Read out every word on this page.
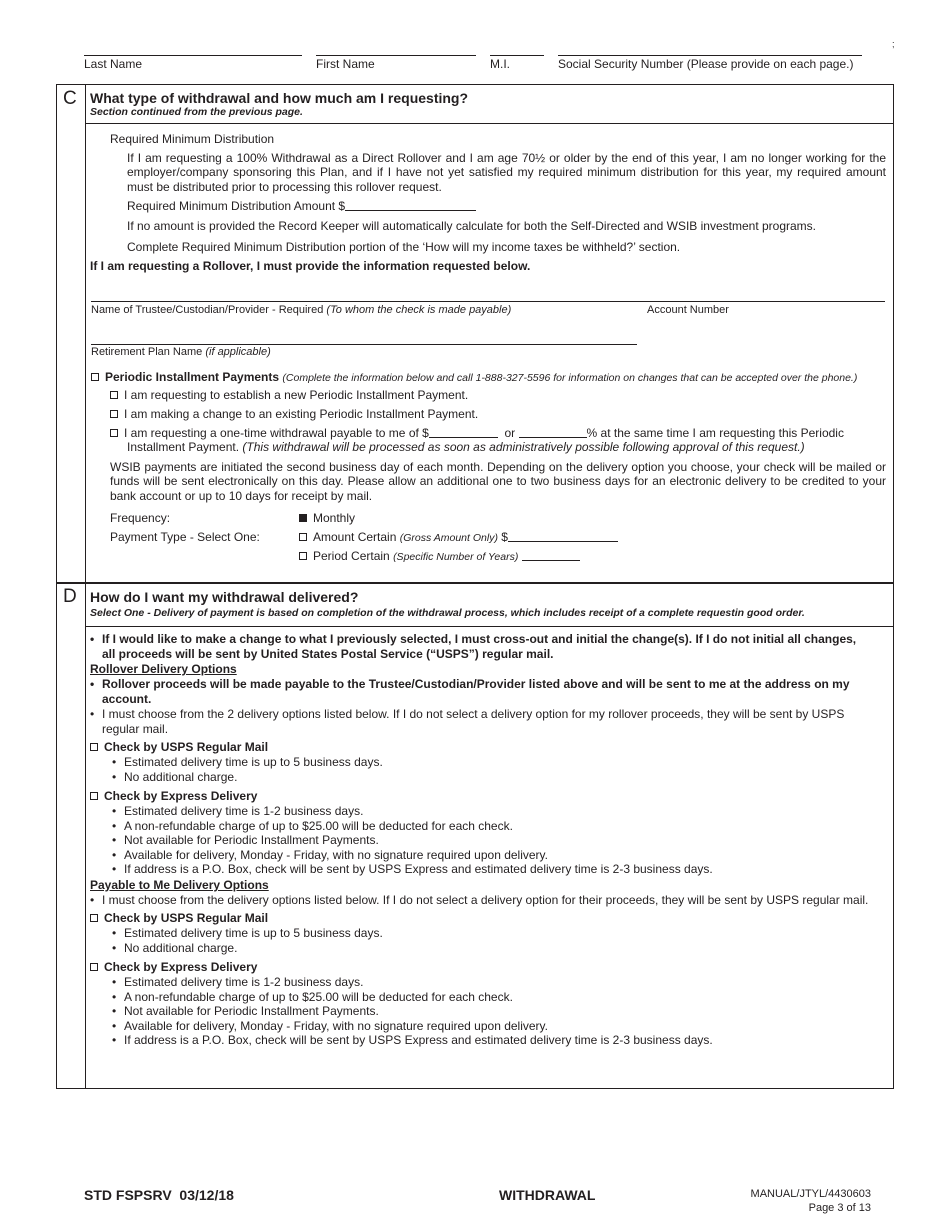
;
Last Name	First Name	M.I.	Social Security Number (Please provide on each page.)
C What type of withdrawal and how much am I requesting?
Section continued from the previous page.
Required Minimum Distribution
If I am requesting a 100% Withdrawal as a Direct Rollover and I am age 70½ or older by the end of this year, I am no longer working for the employer/company sponsoring this Plan, and if I have not yet satisfied my required minimum distribution for this year, my required amount must be distributed prior to processing this rollover request.
Required Minimum Distribution Amount $
If no amount is provided the Record Keeper will automatically calculate for both the Self-Directed and WSIB investment programs.
Complete Required Minimum Distribution portion of the ‘How will my income taxes be withheld?’ section.
If I am requesting a Rollover, I must provide the information requested below.
Name of Trustee/Custodian/Provider - Required (To whom the check is made payable)	Account Number
Retirement Plan Name (if applicable)
Periodic Installment Payments (Complete the information below and call 1-888-327-5596 for information on changes that can be accepted over the phone.)
I am requesting to establish a new Periodic Installment Payment.
I am making a change to an existing Periodic Installment Payment.
I am requesting a one-time withdrawal payable to me of $	or	% at the same time I am requesting this Periodic
Installment Payment. (This withdrawal will be processed as soon as administratively possible following approval of this request.)
WSIB payments are initiated the second business day of each month. Depending on the delivery option you choose, your check will be mailed or funds will be sent electronically on this day. Please allow an additional one to two business days for an electronic delivery to be credited to your bank account or up to 10 days for receipt by mail.
Frequency:	Monthly
Payment Type - Select One:	Amount Certain (Gross Amount Only) $
Period Certain (Specific Number of Years)
D How do I want my withdrawal delivered?
Select One - Delivery of payment is based on completion of the withdrawal process, which includes receipt of a complete requestin good order.
• If I would like to make a change to what I previously selected, I must cross-out and initial the change(s). If I do not initial all changes,
all proceeds will be sent by United States Postal Service (“USPS”) regular mail.
Rollover Delivery Options
• Rollover proceeds will be made payable to the Trustee/Custodian/Provider listed above and will be sent to me at the address on my
account.
• I must choose from the 2 delivery options listed below. If I do not select a delivery option for my rollover proceeds, they will be sent by USPS
regular mail.
Check by USPS Regular Mail
• Estimated delivery time is up to 5 business days.
• No additional charge.
Check by Express Delivery
• Estimated delivery time is 1-2 business days.
• A non-refundable charge of up to $25.00 will be deducted for each check.
• Not available for Periodic Installment Payments.
• Available for delivery, Monday - Friday, with no signature required upon delivery.
• If address is a P.O. Box, check will be sent by USPS Express and estimated delivery time is 2-3 business days.
Payable to Me Delivery Options
• I must choose from the delivery options listed below. If I do not select a delivery option for their proceeds, they will be sent by USPS regular mail.
Check by USPS Regular Mail
• Estimated delivery time is up to 5 business days.
• No additional charge.
Check by Express Delivery
• Estimated delivery time is 1-2 business days.
• A non-refundable charge of up to $25.00 will be deducted for each check.
• Not available for Periodic Installment Payments.
• Available for delivery, Monday - Friday, with no signature required upon delivery.
• If address is a P.O. Box, check will be sent by USPS Express and estimated delivery time is 2-3 business days.
STD FSPSRV  03/12/18	WITHDRAWAL	MANUAL/JTYL/4430603
Page 3 of 13
